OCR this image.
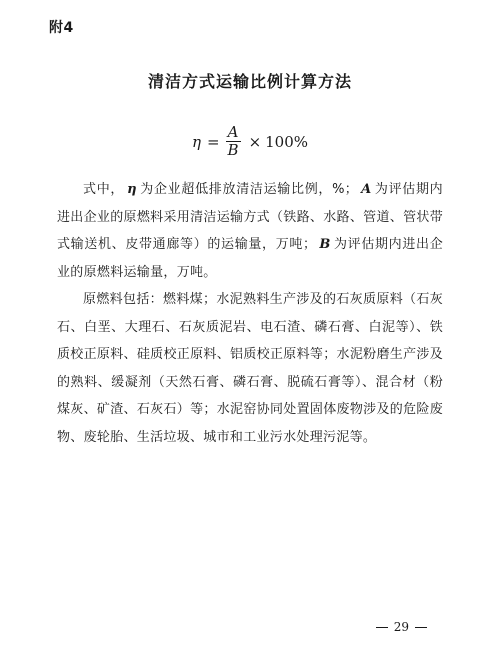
附4
清洁方式运输比例计算方法
$\eta = \frac{A}{B} \times 100\%$

式中， η 为企业超低排放清洁运输比例，%； A 为评估期内进出企业的原燃料采用清洁运输方式（铁路、水路、管道、管状带式输送机、皮带通廊等）的运输量，万吨； B 为评估期内进出企业的原燃料运输量，万吨。

原燃料包括：燃料煤；水泥熟料生产涉及的石灰质原料（石灰石、白垩、大理石、石灰质泥岩、电石渣、磷石膏、白泥等）、铁质校正原料、硅质校正原料、铝质校正原料等；水泥粉磨生产涉及的熟料、缓凝剂（天然石膏、磷石膏、脱硫石膏等）、混合材（粉煤灰、矿渣、石灰石）等；水泥窑协同处置固体废物涉及的危险废物、废轮胎、生活垃圾、城市和工业污水处理污泥等。

29
